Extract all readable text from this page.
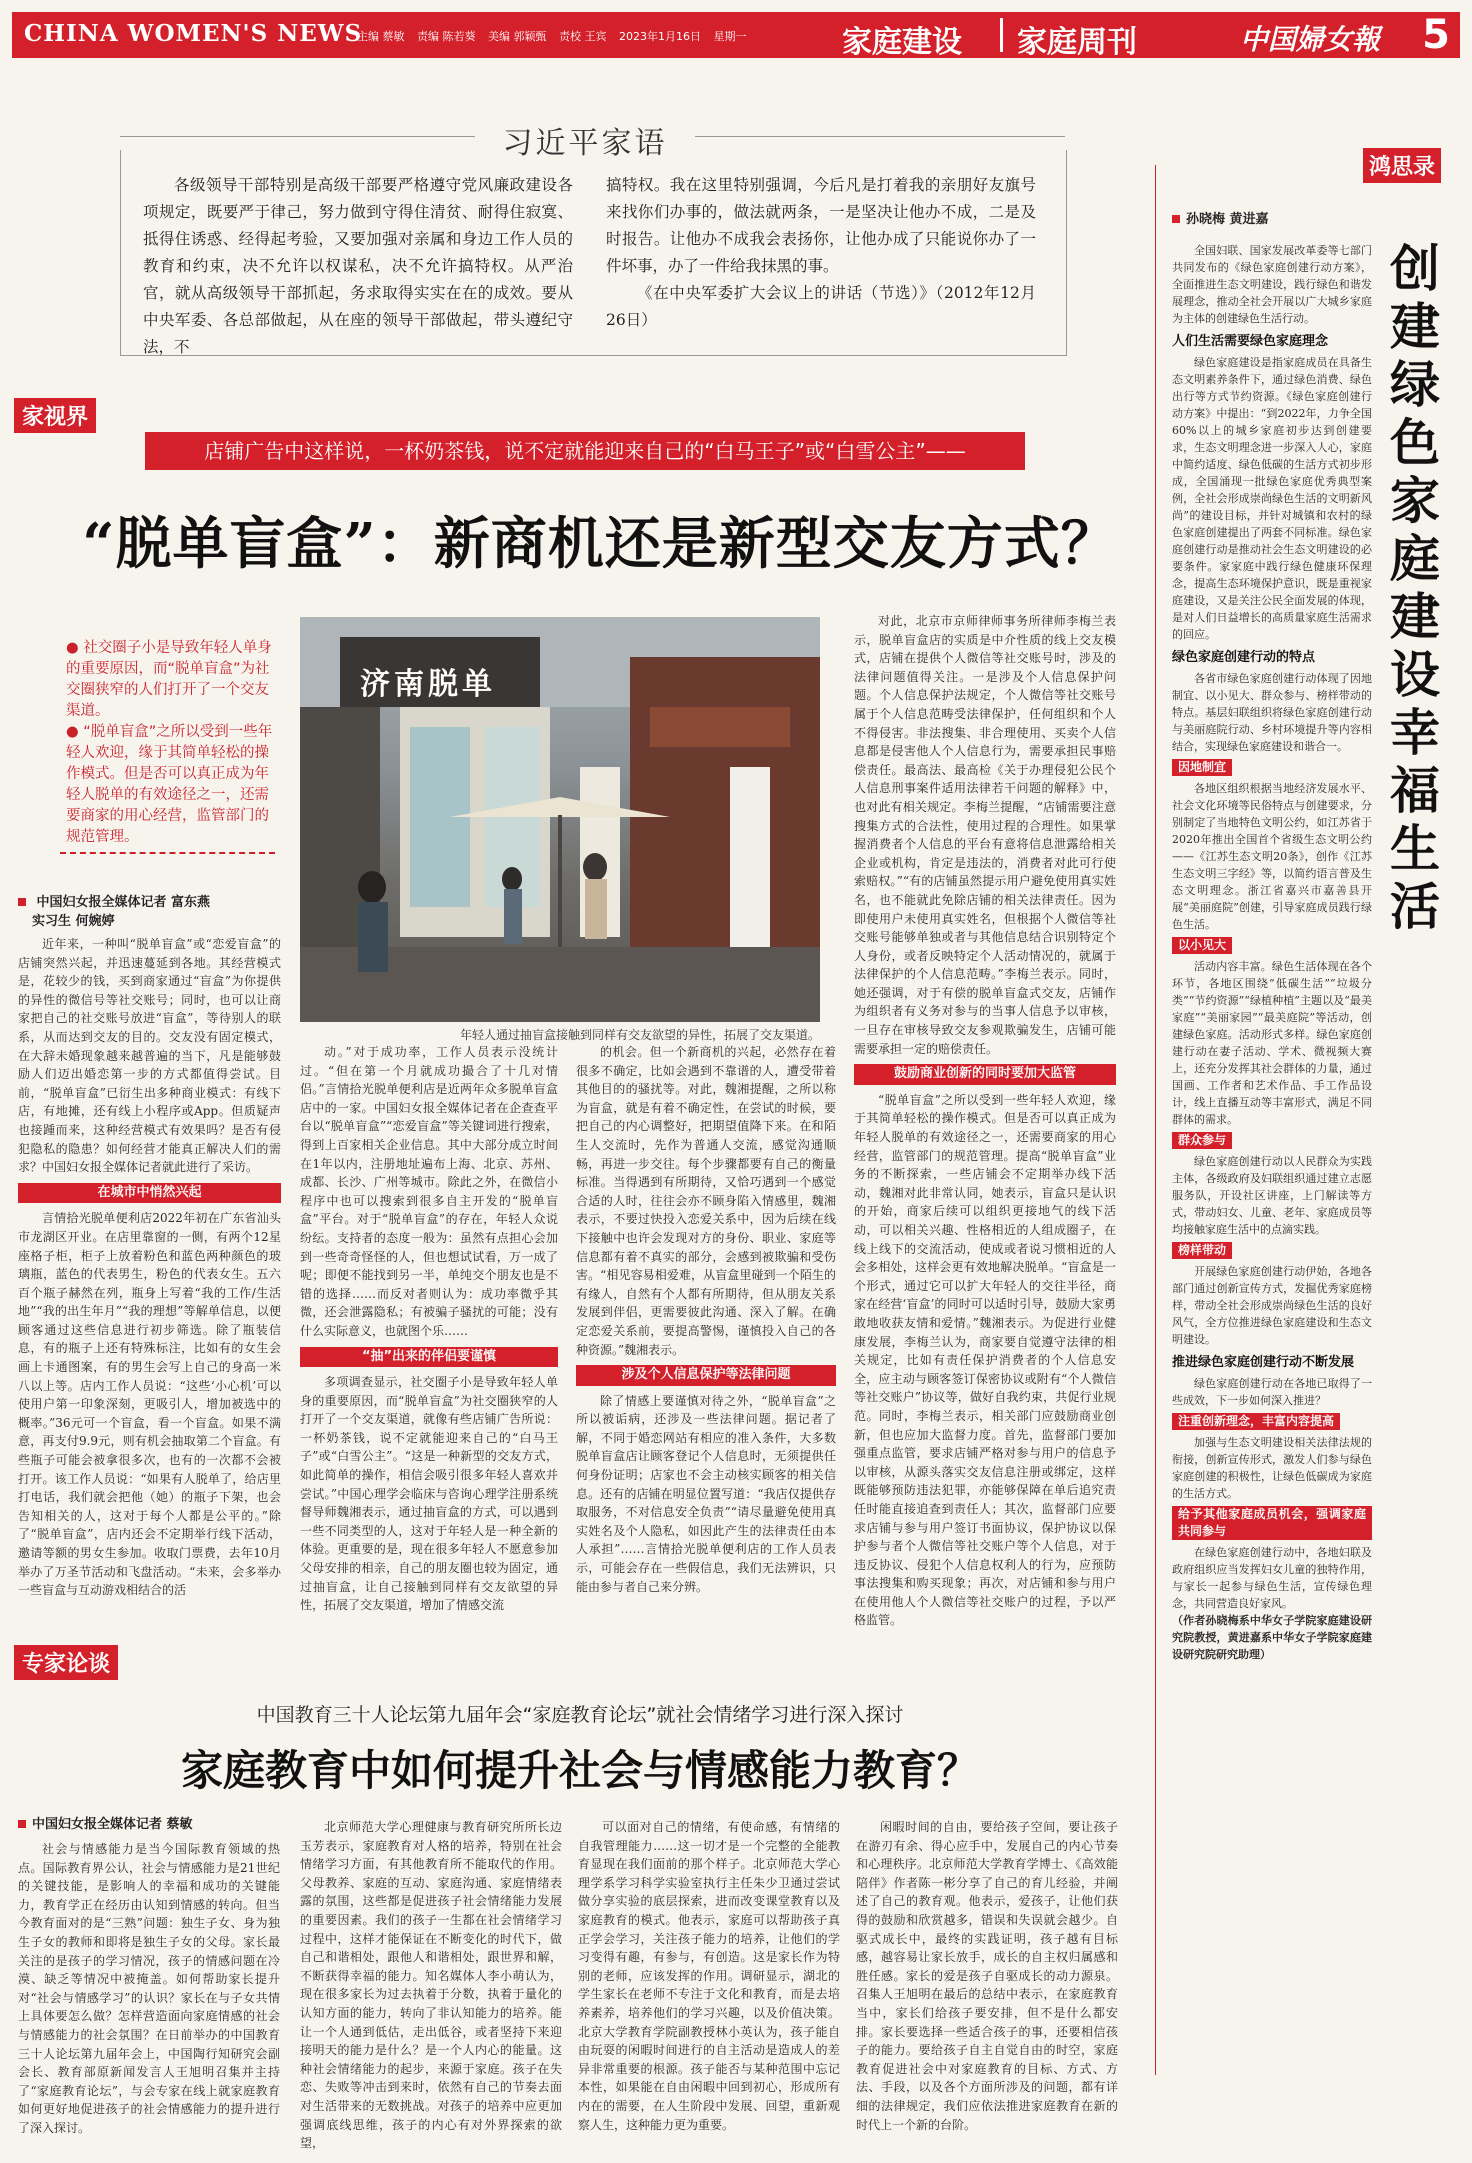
CHINA WOMEN'S NEWS
主编 蔡敏 责编 陈若葵 美编 郭颖甄 责校 王宾 2023年1月16日 星期一	家庭建设 家庭周刊	中国婦女報 5
习近平家语

各级领导干部特别是高级干部要严格遵守党风廉政建设各项规定，既要严于律己，努力做到守得住清贫、耐得住寂寞、抵得住诱惑、经得起考验，又要加强对亲属和身边工作人员的教育和约束，决不允许以权谋私，决不允许搞特权。从严治官，就从高级领导干部抓起，务求取得实实在在的成效。要从中央军委、各总部做起，从在座的领导干部做起，带头遵纪守法，不

搞特权。我在这里特别强调，今后凡是打着我的亲朋好友旗号来找你们办事的，做法就两条，一是坚决让他办不成，二是及时报告。让他办不成我会表扬你，让他办成了只能说你办了一件坏事，办了一件给我抹黑的事。

《在中央军委扩大会议上的讲话（节选）》（2012年12月26日）

家视界
店铺广告中这样说，一杯奶茶钱，说不定就能迎来自己的“白马王子”或“白雪公主”——
“脱单盲盒”：新商机还是新型交友方式？
● 社交圈子小是导致年轻人单身的重要原因，而“脱单盲盒”为社交圈狭窄的人们打开了一个交友渠道。
● “脱单盲盒”之所以受到一些年轻人欢迎，缘于其简单轻松的操作模式。但是否可以真正成为年轻人脱单的有效途径之一，还需要商家的用心经营，监管部门的规范管理。
中国妇女报全媒体记者 富东燕
实习生 何婉婷
济南脱单
年轻人通过抽盲盒接触到同样有交友欲望的异性，拓展了交友渠道。

近年来，一种叫“脱单盲盒”或“恋爱盲盒”的店铺突然兴起，并迅速蔓延到各地。其经营模式是，花较少的钱，买到商家通过“盲盒”为你提供的异性的微信号等社交账号；同时，也可以让商家把自己的社交账号放进“盲盒”，等待别人的联系，从而达到交友的目的。交友没有固定模式，在大辞未婚现象越来越普遍的当下，凡是能够鼓励人们迈出婚恋第一步的方式都值得尝试。目前，“脱单盲盒”已衍生出多种商业模式：有线下店，有地摊，还有线上小程序或App。但质疑声也接踵而来，这种经营模式有效果吗？是否有侵犯隐私的隐患？如何经营才能真正解决人们的需求？中国妇女报全媒体记者就此进行了采访。

在城市中悄然兴起

言情拾光脱单便利店2022年初在广东省汕头市龙湖区开业。在店里靠窗的一侧，有两个12星座格子柜，柜子上放着粉色和蓝色两种颜色的玻璃瓶，蓝色的代表男生，粉色的代表女生。五六百个瓶子赫然在列，瓶身上写着“我的工作/生活地”“我的出生年月”“我的理想”等解单信息，以便顾客通过这些信息进行初步筛选。除了瓶装信息，有的瓶子上还有特殊标注，比如有的女生会画上卡通图案，有的男生会写上自己的身高一米八以上等。店内工作人员说：“这些‘小心机’可以使用户第一印象深刻，更吸引人，增加被选中的概率。”36元可一个盲盒，看一个盲盒。如果不满意，再支付9.9元，则有机会抽取第二个盲盒。有些瓶子可能会被拿很多次，也有的一次都不会被打开。该工作人员说：“如果有人脱单了，给店里打电话，我们就会把他（她）的瓶子下架，也会告知相关的人，这对于每个人都是公平的。”除了“脱单盲盒”，店内还会不定期举行线下活动，邀请等额的男女生参加。收取门票费，去年10月举办了万圣节活动和飞盘活动。“未来，会多举办一些盲盒与互动游戏相结合的活

动。”对于成功率，工作人员表示没统计过。“但在第一个月就成功撮合了十几对情侣。”言情拾光脱单便利店是近两年众多脱单盲盒店中的一家。中国妇女报全媒体记者在企查查平台以“脱单盲盒”“恋爱盲盒”等关键词进行搜索，得到上百家相关企业信息。其中大部分成立时间在1年以内，注册地址遍布上海、北京、苏州、成都、长沙、广州等城市。除此之外，在微信小程序中也可以搜索到很多自主开发的“脱单盲盒”平台。对于“脱单盲盒”的存在，年轻人众说纷纭。支持者的态度一般为：虽然有点担心会加到一些奇奇怪怪的人，但也想试试看，万一成了呢；即便不能找到另一半，单纯交个朋友也是不错的选择……而反对者则认为：成功率微乎其微，还会泄露隐私；有被骗子骚扰的可能；没有什么实际意义，也就图个乐……

“抽”出来的伴侣要谨慎

多项调查显示，社交圈子小是导致年轻人单身的重要原因，而“脱单盲盒”为社交圈狭窄的人打开了一个交友渠道，就像有些店铺广告所说：一杯奶茶钱，说不定就能迎来自己的“白马王子”或“白雪公主”。“这是一种新型的交友方式，如此简单的操作，相信会吸引很多年轻人喜欢并尝试。”中国心理学会临床与咨询心理学注册系统督导师魏湘表示，通过抽盲盒的方式，可以遇到一些不同类型的人，这对于年轻人是一种全新的体验。更重要的是，现在很多年轻人不愿意参加父母安排的相亲，自己的朋友圈也较为固定，通过抽盲盒，让自己接触到同样有交友欲望的异性，拓展了交友渠道，增加了情感交流

的机会。但一个新商机的兴起，必然存在着很多不确定，比如会遇到不靠谱的人，遭受带着其他目的的骚扰等。对此，魏湘提醒，之所以称为盲盒，就是有着不确定性，在尝试的时候，要把自己的内心调整好，把期望值降下来。在和陌生人交流时，先作为普通人交流，感觉沟通顺畅，再进一步交往。每个步骤都要有自己的衡量标准。当得遇到有所期待，又恰巧遇到一个感觉合适的人时，往往会亦不顾身陷入情感里，魏湘表示，不要过快投入恋爱关系中，因为后续在线下接触中也许会发现对方的身份、职业、家庭等信息都有着不真实的部分，会感到被欺骗和受伤害。“相见容易相爱难，从盲盒里碰到一个陌生的有缘人，自然有个人都有所期待，但从朋友关系发展到伴侣，更需要彼此沟通、深入了解。在确定恋爱关系前，要提高警惕，谨慎投入自己的各种资源。”魏湘表示。

涉及个人信息保护等法律问题

除了情感上要谨慎对待之外，“脱单盲盒”之所以被诟病，还涉及一些法律问题。据记者了解，不同于婚恋网站有相应的准入条件，大多数脱单盲盒店让顾客登记个人信息时，无须提供任何身份证明；店家也不会主动核实顾客的相关信息。还有的店铺在明显位置写道：“我店仅提供存取服务，不对信息安全负责”“请尽量避免使用真实姓名及个人隐私，如因此产生的法律责任由本人承担”……言情拾光脱单便利店的工作人员表示，可能会存在一些假信息，我们无法辨识，只能由参与者自己来分辨。

对此，北京市京师律师事务所律师李梅兰表示，脱单盲盒店的实质是中介性质的线上交友模式，店铺在提供个人微信等社交账号时，涉及的法律问题值得关注。一是涉及个人信息保护问题。个人信息保护法规定，个人微信等社交账号属于个人信息范畴受法律保护，任何组织和个人不得侵害。非法搜集、非合理使用、买卖个人信息都是侵害他人个人信息行为，需要承担民事赔偿责任。最高法、最高检《关于办理侵犯公民个人信息刑事案件适用法律若干问题的解释》中，也对此有相关规定。李梅兰提醒，“店铺需要注意搜集方式的合法性，使用过程的合理性。如果掌握消费者个人信息的平台有意将信息泄露给相关企业或机构，肯定是违法的，消费者对此可行使索赔权。”“有的店铺虽然提示用户避免使用真实姓名，也不能就此免除店铺的相关法律责任。因为即使用户未使用真实姓名，但根据个人微信等社交账号能够单独或者与其他信息结合识别特定个人身份，或者反映特定个人活动情况的，就属于法律保护的个人信息范畴。”李梅兰表示。同时，她还强调，对于有偿的脱单盲盒式交友，店铺作为组织者有义务对参与的当事人信息予以审核，一旦存在审核导致交友参观欺骗发生，店铺可能需要承担一定的赔偿责任。

鼓励商业创新的同时要加大监管

“脱单盲盒”之所以受到一些年轻人欢迎，缘于其简单轻松的操作模式。但是否可以真正成为年轻人脱单的有效途径之一，还需要商家的用心经营，监管部门的规范管理。提高“脱单盲盒”业务的不断探索，一些店铺会不定期举办线下活动，魏湘对此非常认同，她表示，盲盒只是认识的开始，商家后续可以组织更接地气的线下活动，可以相关兴趣、性格相近的人组成圈子，在线上线下的交流活动，使成或者说习惯相近的人会多相处，这样会更有效地解决脱单。“盲盒是一个形式，通过它可以扩大年轻人的交往半径，商家在经营‘盲盒’的同时可以适时引导，鼓励大家勇敢地收获友情和爱情。”魏湘表示。为促进行业健康发展，李梅兰认为，商家要自觉遵守法律的相关规定，比如有责任保护消费者的个人信息安全，应主动与顾客签订保密协议或附有“个人微信等社交账户”协议等，做好自我约束，共促行业规范。同时，李梅兰表示，相关部门应鼓励商业创新，但也应加大监督力度。首先，监督部门要加强重点监管，要求店铺严格对参与用户的信息予以审核，从源头落实交友信息注册或绑定，这样既能够预防违法犯罪，亦能够保障在单后追究责任时能直接追查到责任人；其次，监督部门应要求店铺与参与用户签订书面协议，保护协议以保护参与者个人微信等社交账户等个人信息，对于违反协议、侵犯个人信息权利人的行为，应预防事法搜集和购买现象；再次，对店铺和参与用户在使用他人个人微信等社交账户的过程，予以严格监管。

鸿思录
孙晓梅 黄进嘉
创建绿色家庭 建设幸福生活

全国妇联、国家发展改革委等七部门共同发布的《绿色家庭创建行动方案》，全面推进生态文明建设，践行绿色和谐发展理念，推动全社会开展以广大城乡家庭为主体的创建绿色生活行动。

人们生活需要绿色家庭理念

绿色家庭建设是指家庭成员在具备生态文明素养条件下，通过绿色消费、绿色出行等方式节约资源。《绿色家庭创建行动方案》中提出：“到2022年，力争全国60%以上的城乡家庭初步达到创建要求，生态文明理念进一步深入人心，家庭中简约适度、绿色低碳的生活方式初步形成，全国涌现一批绿色家庭优秀典型案例，全社会形成崇尚绿色生活的文明新风尚”的建设目标，并针对城镇和农村的绿色家庭创建提出了两套不同标准。绿色家庭创建行动是推动社会生态文明建设的必要条件。家家庭中践行绿色健康环保理念，提高生态环境保护意识，既是重视家庭建设，又是关注公民全面发展的体现，是对人们日益增长的高质量家庭生活需求的回应。

绿色家庭创建行动的特点

各省市绿色家庭创建行动体现了因地制宜、以小见大、群众参与、榜样带动的特点。基层妇联组织将绿色家庭创建行动与美丽庭院行动、乡村环境提升等内容相结合，实现绿色家庭建设和谐合一。

因地制宜

各地区组织根据当地经济发展水平、社会文化环境等民俗特点与创建要求，分别制定了当地特色文明公约，如江苏省于2020年推出全国首个省级生态文明公约——《江苏生态文明20条》，创作《江苏生态文明三字经》等，以简约语言普及生态文明理念。浙江省嘉兴市嘉善县开展“美丽庭院”创建，引导家庭成员践行绿色生活。

以小见大

活动内容丰富。绿色生活体现在各个环节，各地区围绕“低碳生活”“垃圾分类”“节约资源”“绿植种植”主题以及“最美家庭”“美丽家园”“最美庭院”等活动，创建绿色家庭。活动形式多样。绿色家庭创建行动在妻子活动、学术、微视频大赛上，还充分发挥其社会群体的力量，通过国画、工作者和艺术作品、手工作品设计，线上直播互动等丰富形式，满足不同群体的需求。

群众参与

绿色家庭创建行动以人民群众为实践主体，各级政府及妇联组织通过建立志愿服务队，开设社区讲座，上门解读等方式，带动妇女、儿童、老年、家庭成员等均接触家庭生活中的点滴实践。

榜样带动

开展绿色家庭创建行动伊始，各地各部门通过创新宣传方式，发掘优秀家庭榜样，带动全社会形成崇尚绿色生活的良好风气，全方位推进绿色家庭建设和生态文明建设。

推进绿色家庭创建行动不断发展

绿色家庭创建行动在各地已取得了一些成效，下一步如何深入推进？

注重创新理念，丰富内容提高

加强与生态文明建设相关法律法规的衔接，创新宣传形式，激发人们参与绿色家庭创建的积极性，让绿色低碳成为家庭的生活方式。

给予其他家庭成员机会，强调家庭共同参与

在绿色家庭创建行动中，各地妇联及政府组织应当发挥妇女儿童的独特作用，与家长一起参与绿色生活，宣传绿色理念，共同营造良好家风。

（作者孙晓梅系中华女子学院家庭建设研究院教授，黄进嘉系中华女子学院家庭建设研究院研究助理）

专家论谈
中国教育三十人论坛第九届年会“家庭教育论坛”就社会情绪学习进行深入探讨
家庭教育中如何提升社会与情感能力教育？
中国妇女报全媒体记者 蔡敏

社会与情感能力是当今国际教育领域的热点。国际教育界公认，社会与情感能力是21世纪的关键技能，是影响人的幸福和成功的关键能力，教育学正在经历由认知到情感的转向。但当今教育面对的是“三熟”问题：独生子女、身为独生子女的教师和即将是独生子女的父母。家长最关注的是孩子的学习情况，孩子的情感问题在冷漠、缺乏等情况中被掩盖。如何帮助家长提升对“社会与情感学习”的认识？家长在与子女共情上具体要怎么做？怎样营造面向家庭情感的社会与情感能力的社会氛围？在日前举办的中国教育三十人论坛第九届年会上，中国陶行知研究会副会长、教育部原新闻发言人王旭明召集并主持了“家庭教育论坛”，与会专家在线上就家庭教育如何更好地促进孩子的社会情感能力的提升进行了深入探讨。

北京师范大学心理健康与教育研究所所长边玉芳表示，家庭教育对人格的培养，特别在社会情绪学习方面，有其他教育所不能取代的作用。父母教养、家庭的互动、家庭沟通、家庭情绪表露的氛围，这些都是促进孩子社会情绪能力发展的重要因素。我们的孩子一生都在社会情绪学习过程中，这样才能保证在不断变化的时代下，做自己和谐相处，跟他人和谐相处，跟世界和解，不断获得幸福的能力。知名媒体人李小萌认为，现在很多家长为过去执着于分数，执着于量化的认知方面的能力，转向了非认知能力的培养。能让一个人通到低估，走出低谷，或者坚持下来迎接明天的能力是什么？是一个人内心的能量。这种社会情绪能力的起步，来源于家庭。孩子在失恋、失败等冲击到来时，依然有自己的节奏去面对生活带来的无数挑战。对孩子的培养中应更加强调底线思维，孩子的内心有对外界探索的欲望，

可以面对自己的情绪，有使命感，有情绪的自我管理能力……这一切才是一个完整的全能教育显现在我们面前的那个样子。北京师范大学心理学系学习科学实验室执行主任朱少卫通过尝试做分享实验的底层探索，进而改变课堂教育以及家庭教育的模式。他表示，家庭可以帮助孩子真正学会学习，关注孩子能力的培养，让他们的学习变得有趣，有参与，有创造。这是家长作为特别的老师，应该发挥的作用。调研显示，湖北的学生家长在老师不专注于文化和教育，而是去培养素养，培养他们的学习兴趣，以及价值决策。北京大学教育学院副教授林小英认为，孩子能自由玩耍的闲暇时间进行的自主活动是造成人的差异非常重要的根源。孩子能否与某种范围中忘记本性，如果能在自由闲暇中回到初心，形成所有内在的需要，在人生阶段中发展、回望，重新观察人生，这种能力更为重要。

闲暇时间的自由，要给孩子空间，要让孩子在游刃有余、得心应手中，发展自己的内心节奏和心理秩序。北京师范大学教育学博士、《高效能陪伴》作者陈一彬分享了自己的育儿经验，并阐述了自己的教育观。他表示，爱孩子，让他们获得的鼓励和欣赏越多，错误和失误就会越少。自驱式成长中，最终的实践证明，孩子越有目标感，越容易让家长放手，成长的自主权归属感和胜任感。家长的爱是孩子自驱成长的动力源泉。召集人王旭明在最后的总结中表示，在家庭教育当中，家长们给孩子要安排，但不是什么都安排。家长要选择一些适合孩子的事，还要相信孩子的能力。要给孩子自主自觉自由的时空，家庭教育促进社会中对家庭教育的目标、方式、方法、手段，以及各个方面所涉及的问题，都有详细的法律规定，我们应依法推进家庭教育在新的时代上一个新的台阶。
